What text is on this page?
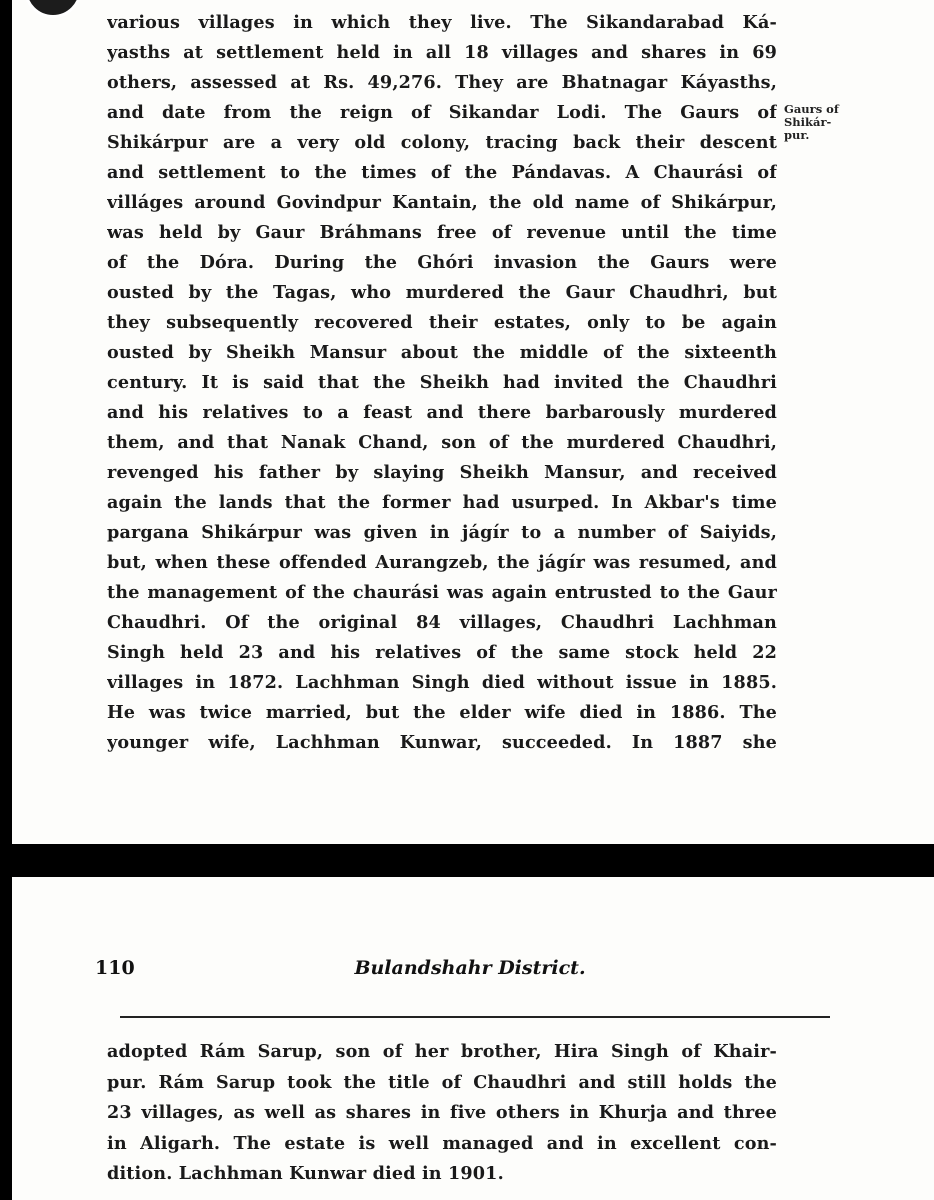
Gaurs of
Shikár-
pur.

various villages in which they live. The Sikandarabad Ká-

yasths at settlement held in all 18 villages and shares in 69

others, assessed at Rs. 49,276. They are Bhatnagar Káyasths,

and date from the reign of Sikandar Lodi. The Gaurs of

Shikárpur are a very old colony, tracing back their descent

and settlement to the times of the Pándavas. A Chaurási of

villáges around Govindpur Kantain, the old name of Shikárpur,

was held by Gaur Bráhmans free of revenue until the time

of the Dóra. During the Ghóri invasion the Gaurs were

ousted by the Tagas, who murdered the Gaur Chaudhri, but

they subsequently recovered their estates, only to be again

ousted by Sheikh Mansur about the middle of the sixteenth

century. It is said that the Sheikh had invited the Chaudhri

and his relatives to a feast and there barbarously murdered

them, and that Nanak Chand, son of the murdered Chaudhri,

revenged his father by slaying Sheikh Mansur, and received

again the lands that the former had usurped. In Akbar's time

pargana Shikárpur was given in jágír to a number of Saiyids,

but, when these offended Aurangzeb, the jágír was resumed, and

the management of the chaurási was again entrusted to the Gaur

Chaudhri. Of the original 84 villages, Chaudhri Lachhman

Singh held 23 and his relatives of the same stock held 22

villages in 1872. Lachhman Singh died without issue in 1885.

He was twice married, but the elder wife died in 1886. The

younger wife, Lachhman Kunwar, succeeded. In 1887 she

adopted Rám Sarup, son of her brother, Hira Singh of Khair-

pur. Rám Sarup took the title of Chaudhri and still holds the

23 villages, as well as shares in five others in Khurja and three

in Aligarh. The estate is well managed and in excellent con-

dition. Lachhman Kunwar died in 1901.

110	Bulandshahr District.
